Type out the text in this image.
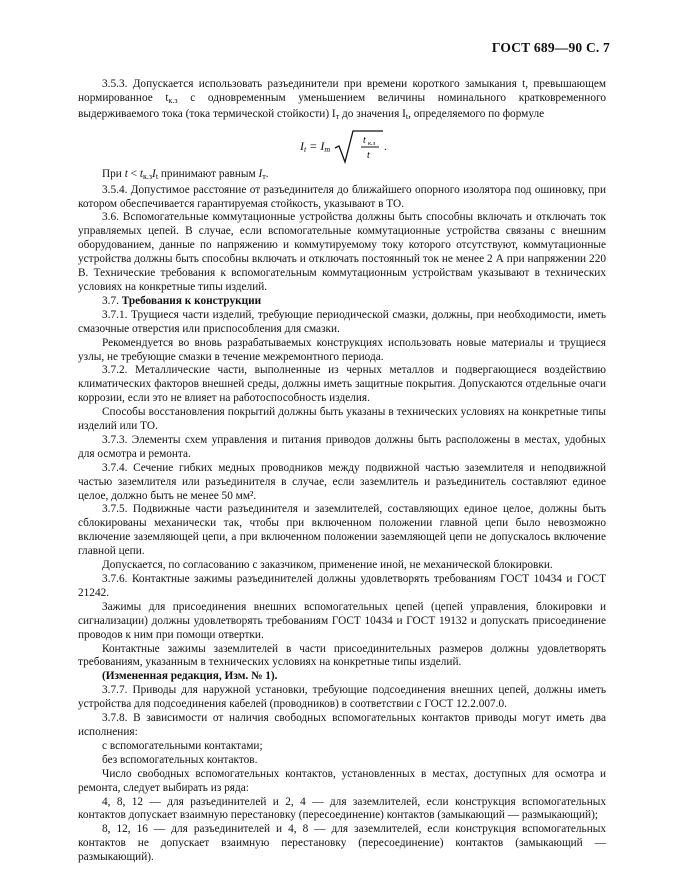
ГОСТ 689—90 С. 7

3.5.3. Допускается использовать разъединители при времени короткого замыкания t, превышающем нормированное $t_{к.з}$ с одновременным уменьшением величины номинального кратковременного выдерживаемого тока (тока термической стойкости) $I_т$ до значения $I_t$, определяемого по формуле

$I_t = I_т$
t к.з
t
.

При $t < t_{к.з}I_t$ принимают равным $I_т$.

3.5.4. Допустимое расстояние от разъединителя до ближайшего опорного изолятора под ошиновку, при котором обеспечивается гарантируемая стойкость, указывают в ТО.

3.6. Вспомогательные коммутационные устройства должны быть способны включать и отключать ток управляемых цепей. В случае, если вспомогательные коммутационные устройства связаны с внешним оборудованием, данные по напряжению и коммутируемому току которого отсутствуют, коммутационные устройства должны быть способны включать и отключать постоянный ток не менее 2 А при напряжении 220 В. Технические требования к вспомогательным коммутационным устройствам указывают в технических условиях на конкретные типы изделий.

3.7. Требования к конструкции

3.7.1. Трущиеся части изделий, требующие периодической смазки, должны, при необходимости, иметь смазочные отверстия или приспособления для смазки.

Рекомендуется во вновь разрабатываемых конструкциях использовать новые материалы и трущиеся узлы, не требующие смазки в течение межремонтного периода.

3.7.2. Металлические части, выполненные из черных металлов и подвергающиеся воздействию климатических факторов внешней среды, должны иметь защитные покрытия. Допускаются отдельные очаги коррозии, если это не влияет на работоспособность изделия.

Способы восстановления покрытий должны быть указаны в технических условиях на конкретные типы изделий или ТО.

3.7.3. Элементы схем управления и питания приводов должны быть расположены в местах, удобных для осмотра и ремонта.

3.7.4. Сечение гибких медных проводников между подвижной частью заземлителя и неподвижной частью заземлителя или разъединителя в случае, если заземлитель и разъединитель составляют единое целое, должно быть не менее 50 мм².

3.7.5. Подвижные части разъединителя и заземлителей, составляющих единое целое, должны быть сблокированы механически так, чтобы при включенном положении главной цепи было невозможно включение заземляющей цепи, а при включенном положении заземляющей цепи не допускалось включение главной цепи.

Допускается, по согласованию с заказчиком, применение иной, не механической блокировки.

3.7.6. Контактные зажимы разъединителей должны удовлетворять требованиям ГОСТ 10434 и ГОСТ 21242.

Зажимы для присоединения внешних вспомогательных цепей (цепей управления, блокировки и сигнализации) должны удовлетворять требованиям ГОСТ 10434 и ГОСТ 19132 и допускать присоединение проводов к ним при помощи отвертки.

Контактные зажимы заземлителей в части присоединительных размеров должны удовлетворять требованиям, указанным в технических условиях на конкретные типы изделий.

(Измененная редакция, Изм. № 1).

3.7.7. Приводы для наружной установки, требующие подсоединения внешних цепей, должны иметь устройства для подсоединения кабелей (проводников) в соответствии с ГОСТ 12.2.007.0.

3.7.8. В зависимости от наличия свободных вспомогательных контактов приводы могут иметь два исполнения:

с вспомогательными контактами;

без вспомогательных контактов.

Число свободных вспомогательных контактов, установленных в местах, доступных для осмотра и ремонта, следует выбирать из ряда:

4, 8, 12 — для разъединителей и 2, 4 — для заземлителей, если конструкция вспомогательных контактов допускает взаимную перестановку (пересоединение) контактов (замыкающий — размыкающий);

8, 12, 16 — для разъединителей и 4, 8 — для заземлителей, если конструкция вспомогательных контактов не допускает взаимную перестановку (пересоединение) контактов (замыкающий — размыкающий).
